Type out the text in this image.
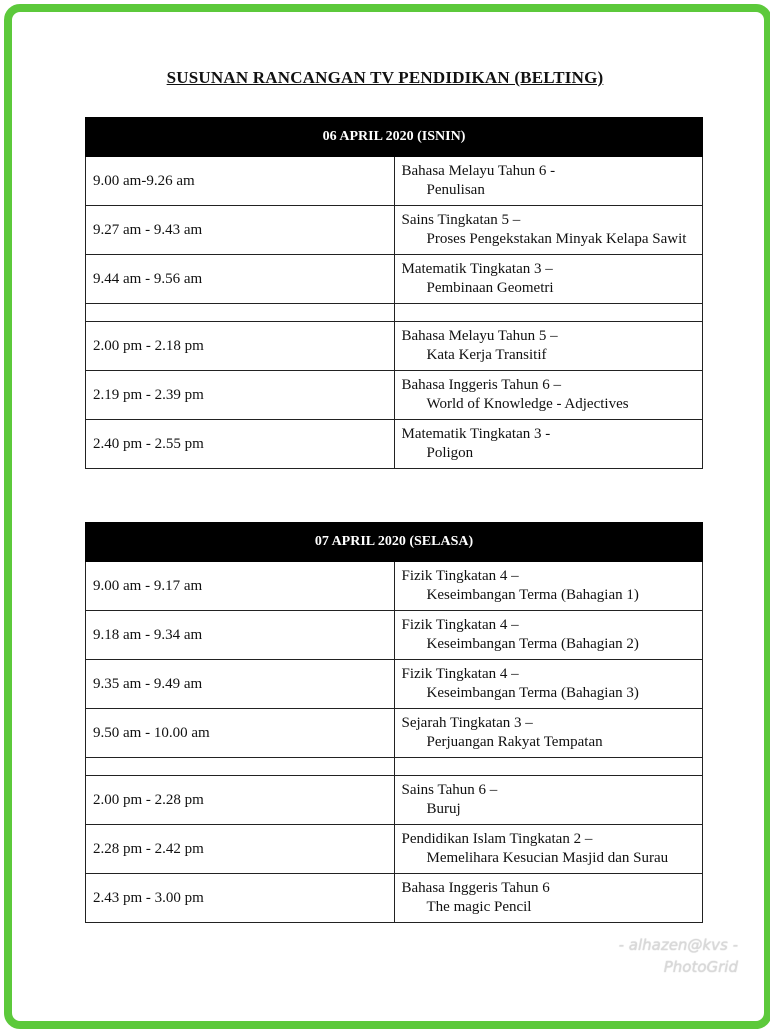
SUSUNAN RANCANGAN TV PENDIDIKAN (BELTING)
06 APRIL 2020 (ISNIN)	
9.00 am-9.26 am	Bahasa Melayu Tahun 6 -
Penulisan

9.27 am - 9.43 am	Sains Tingkatan 5 –
Proses Pengekstakan Minyak Kelapa Sawit

9.44 am - 9.56 am	Matematik Tingkatan 3 –
Pembinaan Geometri

2.00 pm - 2.18 pm	Bahasa Melayu Tahun 5 –
Kata Kerja Transitif

2.19 pm - 2.39 pm	Bahasa Inggeris Tahun 6 –
World of Knowledge - Adjectives

2.40 pm - 2.55 pm	Matematik Tingkatan 3 -
Poligon
07 APRIL 2020 (SELASA)	
9.00 am - 9.17 am	Fizik Tingkatan 4 –
Keseimbangan Terma (Bahagian 1)

9.18 am - 9.34 am	Fizik Tingkatan 4 –
Keseimbangan Terma (Bahagian 2)

9.35 am - 9.49 am	Fizik Tingkatan 4 –
Keseimbangan Terma (Bahagian 3)

9.50 am - 10.00 am	Sejarah Tingkatan 3 –
Perjuangan Rakyat Tempatan

2.00 pm - 2.28 pm	Sains Tahun 6 –
Buruj

2.28 pm - 2.42 pm	Pendidikan Islam Tingkatan 2 –
Memelihara Kesucian Masjid dan Surau

2.43 pm - 3.00 pm	Bahasa Inggeris Tahun 6
The magic Pencil
- alhazen@kvs -
PhotoGrid
